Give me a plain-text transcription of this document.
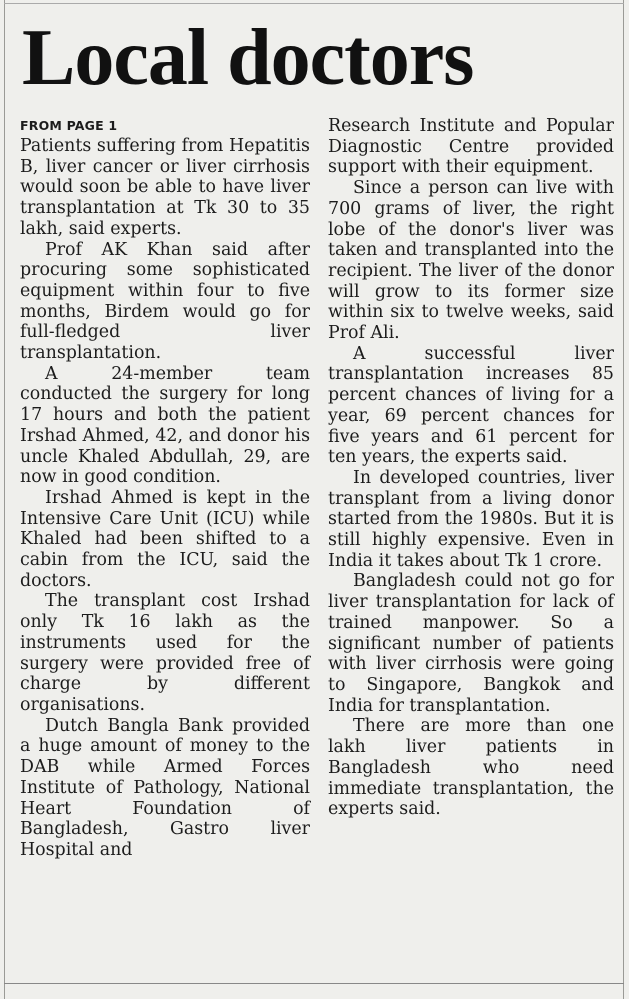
Local doctors
FROM PAGE 1

Patients suffering from Hepatitis B, liver cancer or liver cirrhosis would soon be able to have liver transplantation at Tk 30 to 35 lakh, said experts.

Prof AK Khan said after procuring some sophisticated equipment within four to five months, Birdem would go for full-fledged liver transplantation.

A 24-member team conducted the surgery for long 17 hours and both the patient Irshad Ahmed, 42, and donor his uncle Khaled Abdullah, 29, are now in good condition.

Irshad Ahmed is kept in the Intensive Care Unit (ICU) while Khaled had been shifted to a cabin from the ICU, said the doctors.

The transplant cost Irshad only Tk 16 lakh as the instruments used for the surgery were provided free of charge by different organisations.

Dutch Bangla Bank provided a huge amount of money to the DAB while Armed Forces Institute of Pathology, National Heart Foundation of Bangladesh, Gastro liver Hospital and

Research Institute and Popular Diagnostic Centre provided support with their equipment.

Since a person can live with 700 grams of liver, the right lobe of the donor's liver was taken and transplanted into the recipient. The liver of the donor will grow to its former size within six to twelve weeks, said Prof Ali.

A successful liver transplantation increases 85 percent chances of living for a year, 69 percent chances for five years and 61 percent for ten years, the experts said.

In developed countries, liver transplant from a living donor started from the 1980s. But it is still highly expensive. Even in India it takes about Tk 1 crore.

Bangladesh could not go for liver transplantation for lack of trained manpower. So a significant number of patients with liver cirrhosis were going to Singapore, Bangkok and India for transplantation.

There are more than one lakh liver patients in Bangladesh who need immediate transplantation, the experts said.
